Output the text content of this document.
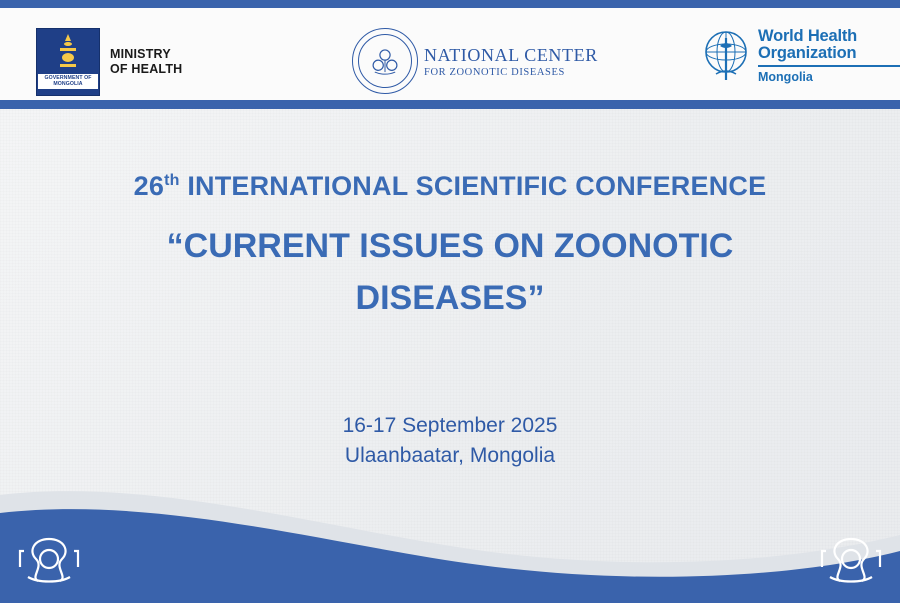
GOVERNMENT OF
MONGOLIA
MINISTRY
OF HEALTH
NATIONAL CENTER
FOR ZOONOTIC DISEASES
World Health
Organization
Mongolia
26th INTERNATIONAL SCIENTIFIC CONFERENCE
“CURRENT ISSUES ON ZOONOTIC DISEASES”
16-17 September 2025
Ulaanbaatar, Mongolia
